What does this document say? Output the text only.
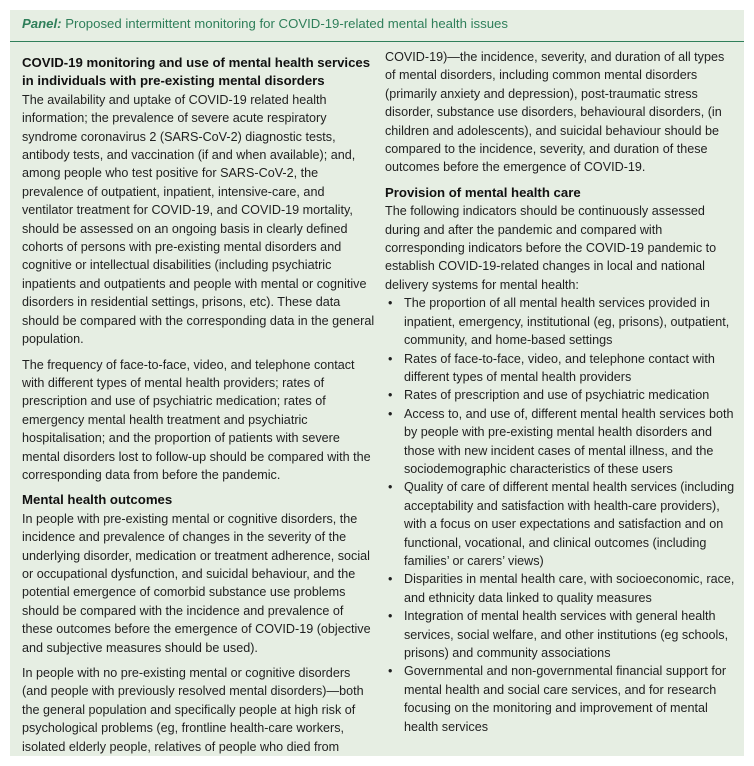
Panel: Proposed intermittent monitoring for COVID-19-related mental health issues
COVID-19 monitoring and use of mental health services in individuals with pre-existing mental disorders

The availability and uptake of COVID-19 related health information; the prevalence of severe acute respiratory syndrome coronavirus 2 (SARS-CoV-2) diagnostic tests, antibody tests, and vaccination (if and when available); and, among people who test positive for SARS-CoV-2, the prevalence of outpatient, inpatient, intensive-care, and ventilator treatment for COVID-19, and COVID-19 mortality, should be assessed on an ongoing basis in clearly defined cohorts of persons with pre-existing mental disorders and cognitive or intellectual disabilities (including psychiatric inpatients and outpatients and people with mental or cognitive disorders in residential settings, prisons, etc). These data should be compared with the corresponding data in the general population.

The frequency of face-to-face, video, and telephone contact with different types of mental health providers; rates of prescription and use of psychiatric medication; rates of emergency mental health treatment and psychiatric hospitalisation; and the proportion of patients with severe mental disorders lost to follow-up should be compared with the corresponding data from before the pandemic.

Mental health outcomes

In people with pre-existing mental or cognitive disorders, the incidence and prevalence of changes in the severity of the underlying disorder, medication or treatment adherence, social or occupational dysfunction, and suicidal behaviour, and the potential emergence of comorbid substance use problems should be compared with the incidence and prevalence of these outcomes before the emergence of COVID-19 (objective and subjective measures should be used).

In people with no pre-existing mental or cognitive disorders (and people with previously resolved mental disorders)—both the general population and specifically people at high risk of psychological problems (eg, frontline health-care workers, isolated elderly people, relatives of people who died from

COVID-19)—the incidence, severity, and duration of all types of mental disorders, including common mental disorders (primarily anxiety and depression), post-traumatic stress disorder, substance use disorders, behavioural disorders, (in children and adolescents), and suicidal behaviour should be compared to the incidence, severity, and duration of these outcomes before the emergence of COVID-19.

Provision of mental health care

The following indicators should be continuously assessed during and after the pandemic and compared with corresponding indicators before the COVID-19 pandemic to establish COVID-19-related changes in local and national delivery systems for mental health:

• The proportion of all mental health services provided in inpatient, emergency, institutional (eg, prisons), outpatient, community, and home-based settings
• Rates of face-to-face, video, and telephone contact with different types of mental health providers
• Rates of prescription and use of psychiatric medication
• Access to, and use of, different mental health services both by people with pre-existing mental health disorders and those with new incident cases of mental illness, and the sociodemographic characteristics of these users
• Quality of care of different mental health services (including acceptability and satisfaction with health-care providers), with a focus on user expectations and satisfaction and on functional, vocational, and clinical outcomes (including families’ or carers’ views)
• Disparities in mental health care, with socioeconomic, race, and ethnicity data linked to quality measures
• Integration of mental health services with general health services, social welfare, and other institutions (eg schools, prisons) and community associations
• Governmental and non-governmental financial support for mental health and social care services, and for research focusing on the monitoring and improvement of mental health services
